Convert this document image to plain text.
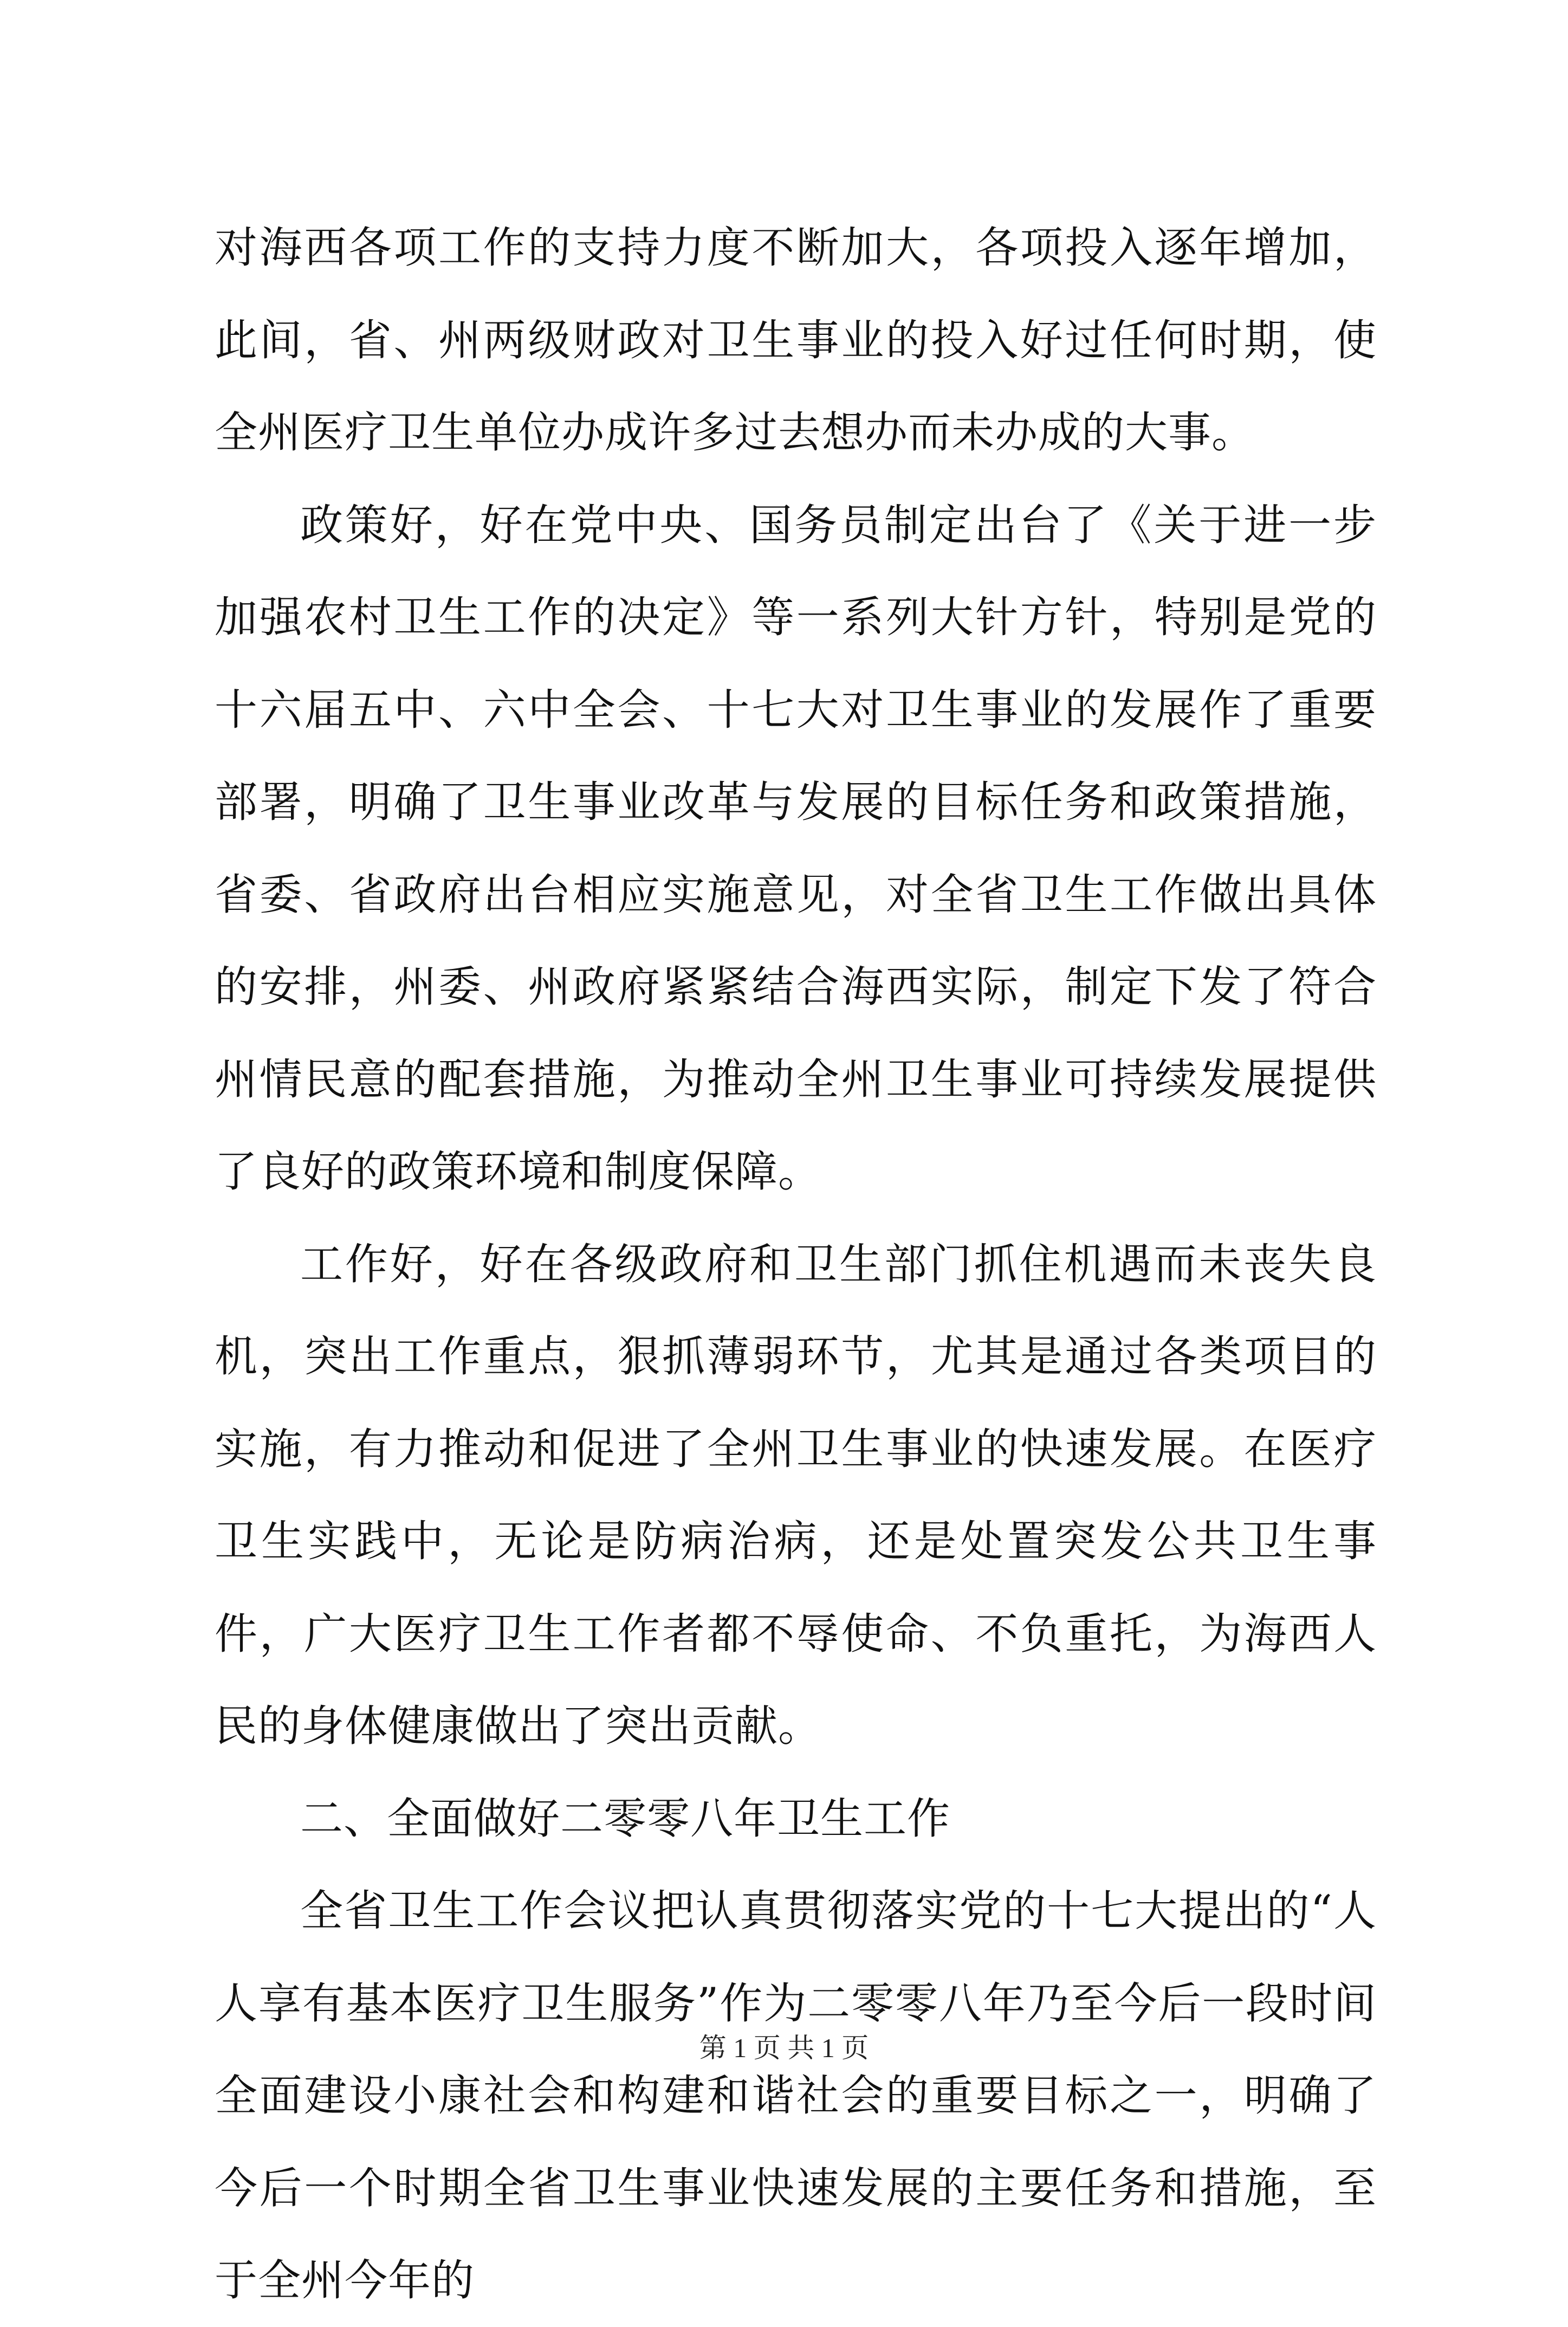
对海西各项工作的支持力度不断加大，各项投入逐年增加，此间，省、州两级财政对卫生事业的投入好过任何时期，使全州医疗卫生单位办成许多过去想办而未办成的大事。

政策好，好在党中央、国务员制定出台了《关于进一步加强农村卫生工作的决定》等一系列大针方针，特别是党的十六届五中、六中全会、十七大对卫生事业的发展作了重要部署，明确了卫生事业改革与发展的目标任务和政策措施，省委、省政府出台相应实施意见，对全省卫生工作做出具体的安排，州委、州政府紧紧结合海西实际，制定下发了符合州情民意的配套措施，为推动全州卫生事业可持续发展提供了良好的政策环境和制度保障。

工作好，好在各级政府和卫生部门抓住机遇而未丧失良机，突出工作重点，狠抓薄弱环节，尤其是通过各类项目的实施，有力推动和促进了全州卫生事业的快速发展。在医疗卫生实践中，无论是防病治病，还是处置突发公共卫生事件，广大医疗卫生工作者都不辱使命、不负重托，为海西人民的身体健康做出了突出贡献。

二、全面做好二零零八年卫生工作

全省卫生工作会议把认真贯彻落实党的十七大提出的“人人享有基本医疗卫生服务”作为二零零八年乃至今后一段时间全面建设小康社会和构建和谐社会的重要目标之一，明确了今后一个时期全省卫生事业快速发展的主要任务和措施，至于全州今年的

第 1 页 共 1 页
